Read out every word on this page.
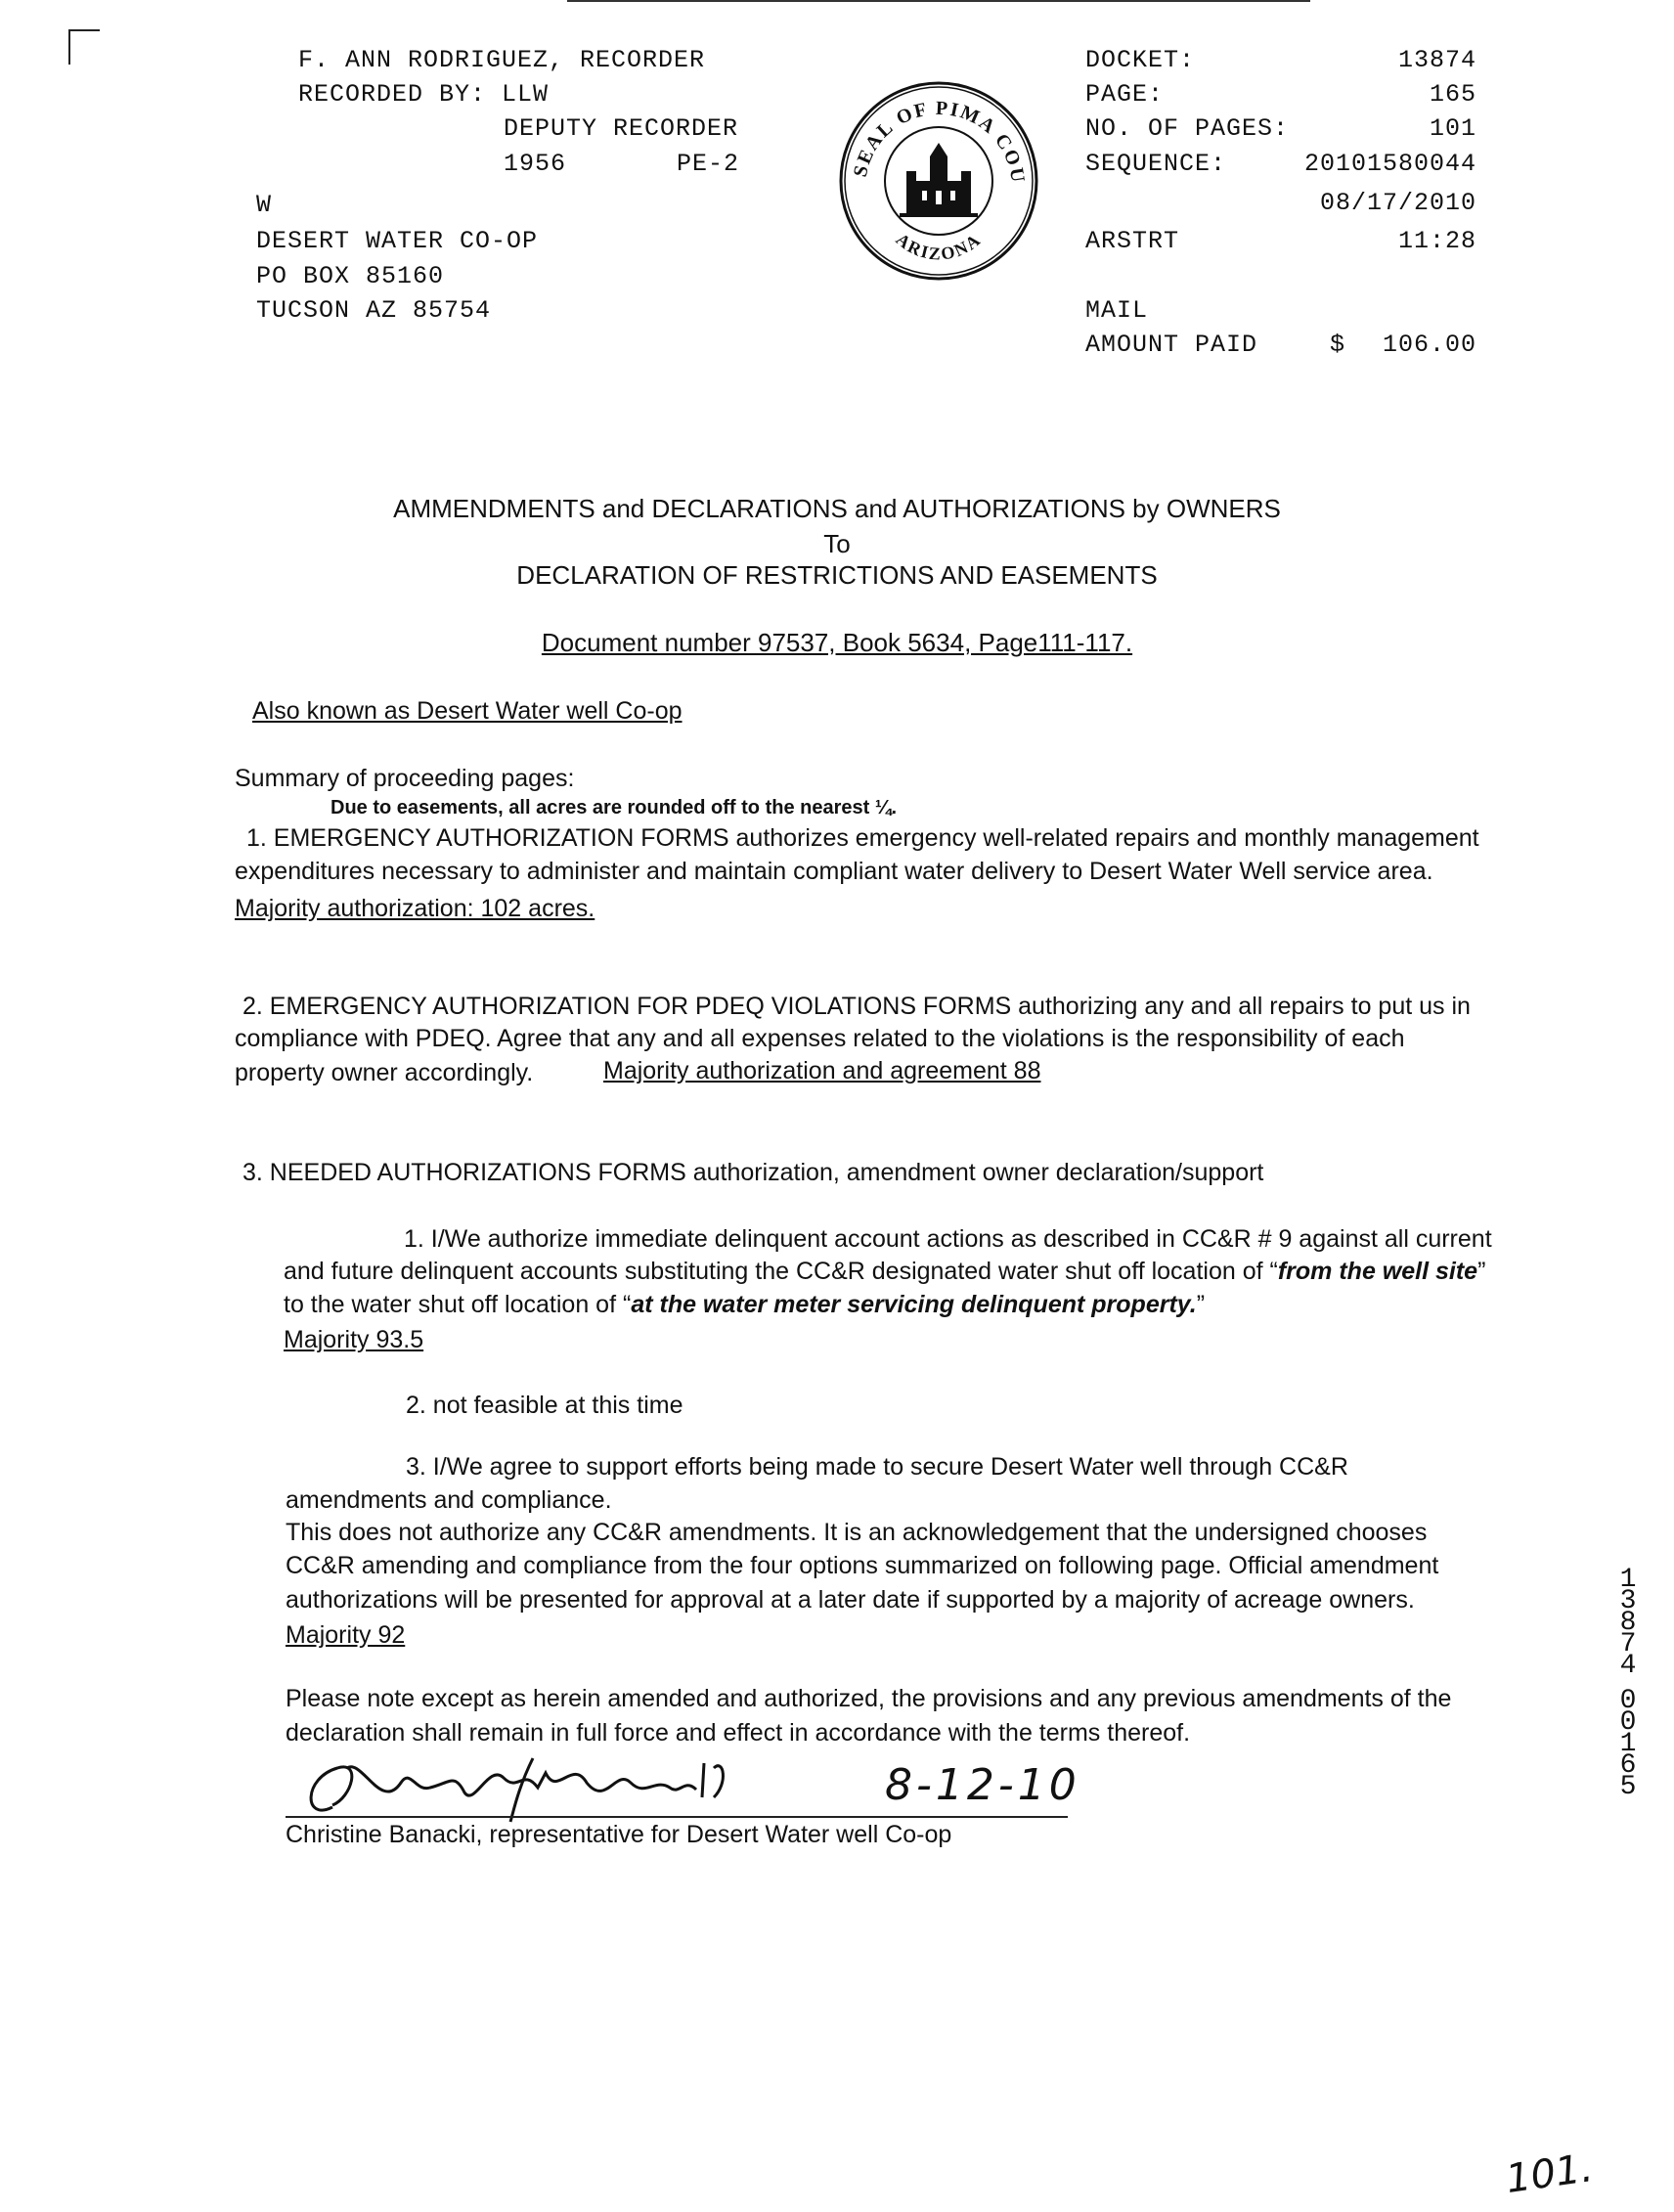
F. ANN RODRIGUEZ, RECORDER
RECORDED BY: LLW
DEPUTY RECORDER
1956	PE-2
W
DESERT WATER CO-OP
PO BOX 85160
TUCSON AZ 85754
SEAL OF PIMA COU
ARIZONA
DOCKET:	13874
PAGE:	165
NO. OF PAGES:	101
SEQUENCE:	20101580044
08/17/2010
ARSTRT	11:28
MAIL
AMOUNT PAID	$	106.00
AMMENDMENTS and DECLARATIONS and AUTHORIZATIONS by OWNERS
To
DECLARATION OF RESTRICTIONS AND EASEMENTS
Document number 97537, Book 5634, Page111-117.
Also known as Desert Water well Co-op
Summary of proceeding pages:
Due to easements, all acres are rounded off to the nearest ¼.
1. EMERGENCY AUTHORIZATION FORMS authorizes emergency well-related repairs and monthly management
expenditures necessary to administer and maintain compliant water delivery to Desert Water Well service area.
Majority authorization: 102 acres.
2. EMERGENCY AUTHORIZATION FOR PDEQ VIOLATIONS FORMS authorizing any and all repairs to put us in
compliance with PDEQ. Agree that any and all expenses related to the violations is the responsibility of each
property owner accordingly.	Majority authorization and agreement 88
3. NEEDED AUTHORIZATIONS FORMS authorization, amendment owner declaration/support
1. I/We authorize immediate delinquent account actions as described in CC&R # 9 against all current
and future delinquent accounts substituting the CC&R designated water shut off location of “from the well site”
to the water shut off location of “at the water meter servicing delinquent property.”
Majority 93.5
2. not feasible at this time
3. I/We agree to support efforts being made to secure Desert Water well through CC&R
amendments and compliance.
This does not authorize any CC&R amendments. It is an acknowledgement that the undersigned chooses
CC&R amending and compliance from the four options summarized on following page. Official amendment
authorizations will be presented for approval at a later date if supported by a majority of acreage owners.
Majority 92
Please note except as herein amended and authorized, the provisions and any previous amendments of the
declaration shall remain in full force and effect in accordance with the terms thereof.
8-12-10
Christine Banacki, representative for Desert Water well Co-op
1
3
8
7
4
0
0
1
6
5
101.
